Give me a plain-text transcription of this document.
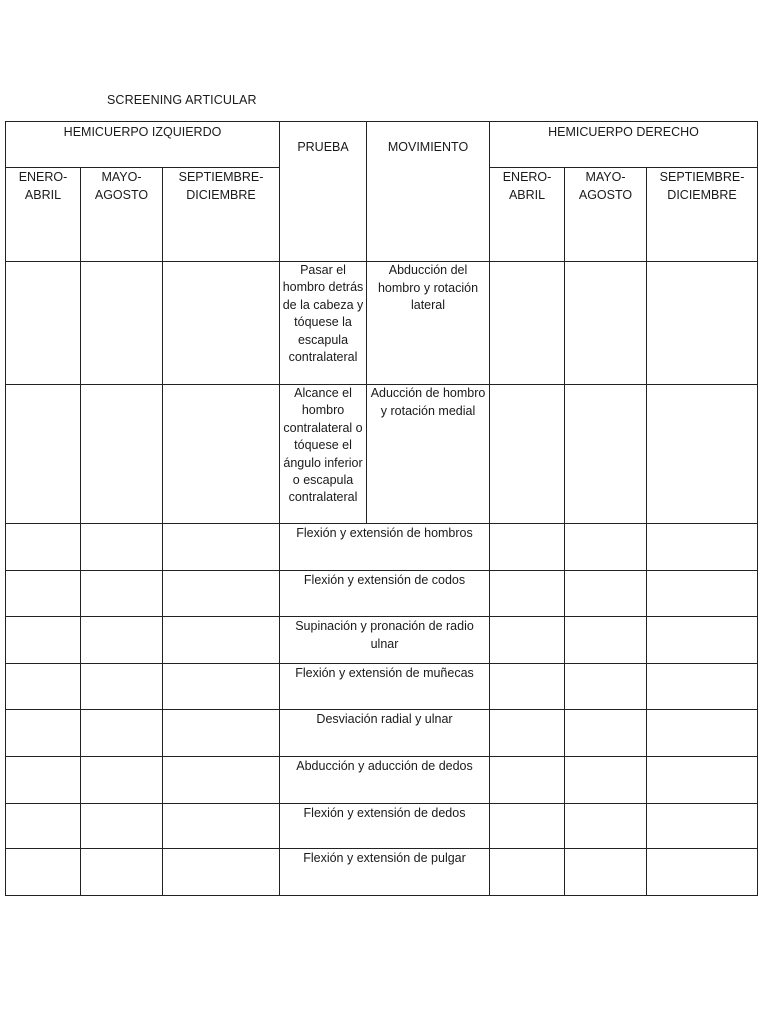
SCREENING ARTICULAR
HEMICUERPO IZQUIERDO			PRUEBA	MOVIMIENTO	HEMICUERPO DERECHO		
ENERO-ABRIL	MAYO-AGOSTO	SEPTIEMBRE-DICIEMBRE			ENERO-ABRIL	MAYO-AGOSTO	SEPTIEMBRE-DICIEMBRE
			Pasar el hombro detrás de la cabeza y tóquese la escapula contralateral	Abducción del hombro y rotación lateral			
			Alcance el hombro contralateral o tóquese el ángulo inferior o escapula contralateral	Aducción de hombro y rotación medial			
			Flexión y extensión de hombros				
			Flexión y extensión de codos				
			Supinación y pronación de radio ulnar				
			Flexión y extensión de muñecas				
			Desviación radial y ulnar				
			Abducción y aducción de dedos				
			Flexión y extensión de dedos				
			Flexión y extensión de pulgar				
